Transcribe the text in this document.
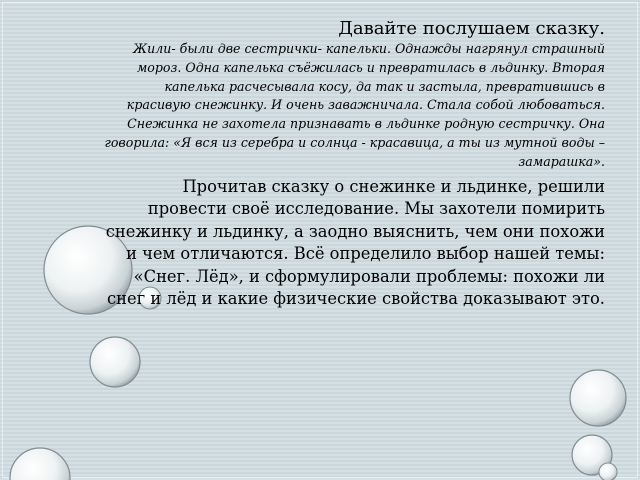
Давайте послушаем сказку.

Жили- были две сестрички- капельки. Однажды нагрянул страшный мороз. Одна капелька съёжилась и превратилась в льдинку. Вторая капелька расчесывала косу, да так и застыла, превратившись в красивую снежинку. И очень заважничала. Стала собой любоваться. Снежинка не захотела признавать в льдинке родную сестричку. Она говорила: «Я вся из серебра и солнца - красавица, а ты из мутной воды – замарашка».

Прочитав сказку о снежинке и льдинке, решили провести своё исследование. Мы захотели помирить снежинку и льдинку, а заодно выяснить, чем они похожи и чем отличаются. Всё определило выбор нашей темы: «Снег. Лёд», и сформулировали проблемы: похожи ли снег и лёд и какие физические свойства доказывают это.
